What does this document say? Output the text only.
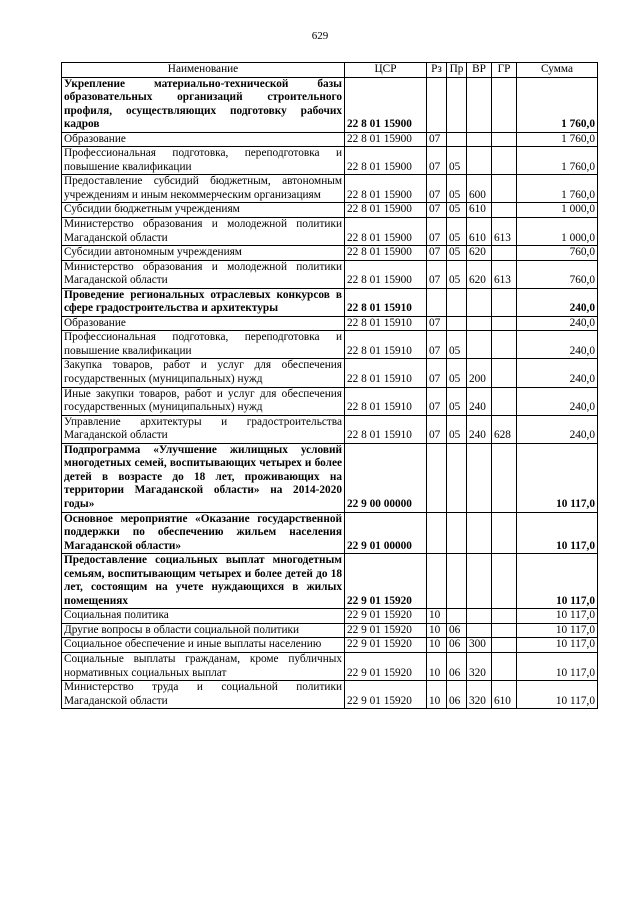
629
Наименование	ЦСР	Рз	Пр	ВР	ГР	Сумма
Укрепление материально-технической базы образовательных организаций строительного профиля, осуществляющих подготовку рабочих кадров	22 8 01 15900					1 760,0
Образование	22 8 01 15900	07				1 760,0
Профессиональная подготовка, переподготовка и повышение квалификации	22 8 01 15900	07	05			1 760,0
Предоставление субсидий бюджетным, автономным учреждениям и иным некоммерческим организациям	22 8 01 15900	07	05	600		1 760,0
Субсидии бюджетным учреждениям	22 8 01 15900	07	05	610		1 000,0
Министерство образования и молодежной политики Магаданской области	22 8 01 15900	07	05	610	613	1 000,0
Субсидии автономным учреждениям	22 8 01 15900	07	05	620		760,0
Министерство образования и молодежной политики Магаданской области	22 8 01 15900	07	05	620	613	760,0
Проведение региональных отраслевых конкурсов в сфере градостроительства и архитектуры	22 8 01 15910					240,0
Образование	22 8 01 15910	07				240,0
Профессиональная подготовка, переподготовка и повышение квалификации	22 8 01 15910	07	05			240,0
Закупка товаров, работ и услуг для обеспечения государственных (муниципальных) нужд	22 8 01 15910	07	05	200		240,0
Иные закупки товаров, работ и услуг для обеспечения государственных (муниципальных) нужд	22 8 01 15910	07	05	240		240,0
Управление архитектуры и градостроительства Магаданской области	22 8 01 15910	07	05	240	628	240,0
Подпрограмма «Улучшение жилищных условий многодетных семей, воспитывающих четырех и более детей в возрасте до 18 лет, проживающих на территории Магаданской области» на 2014-2020 годы»	22 9 00 00000					10 117,0
Основное мероприятие «Оказание государственной поддержки по обеспечению жильем населения Магаданской области»	22 9 01 00000					10 117,0
Предоставление социальных выплат многодетным семьям, воспитывающим четырех и более детей до 18 лет, состоящим на учете нуждающихся в жилых помещениях	22 9 01 15920					10 117,0
Социальная политика	22 9 01 15920	10				10 117,0
Другие вопросы в области социальной политики	22 9 01 15920	10	06			10 117,0
Социальное обеспечение и иные выплаты населению	22 9 01 15920	10	06	300		10 117,0
Социальные выплаты гражданам, кроме публичных нормативных социальных выплат	22 9 01 15920	10	06	320		10 117,0
Министерство труда и социальной политики Магаданской области	22 9 01 15920	10	06	320	610	10 117,0
